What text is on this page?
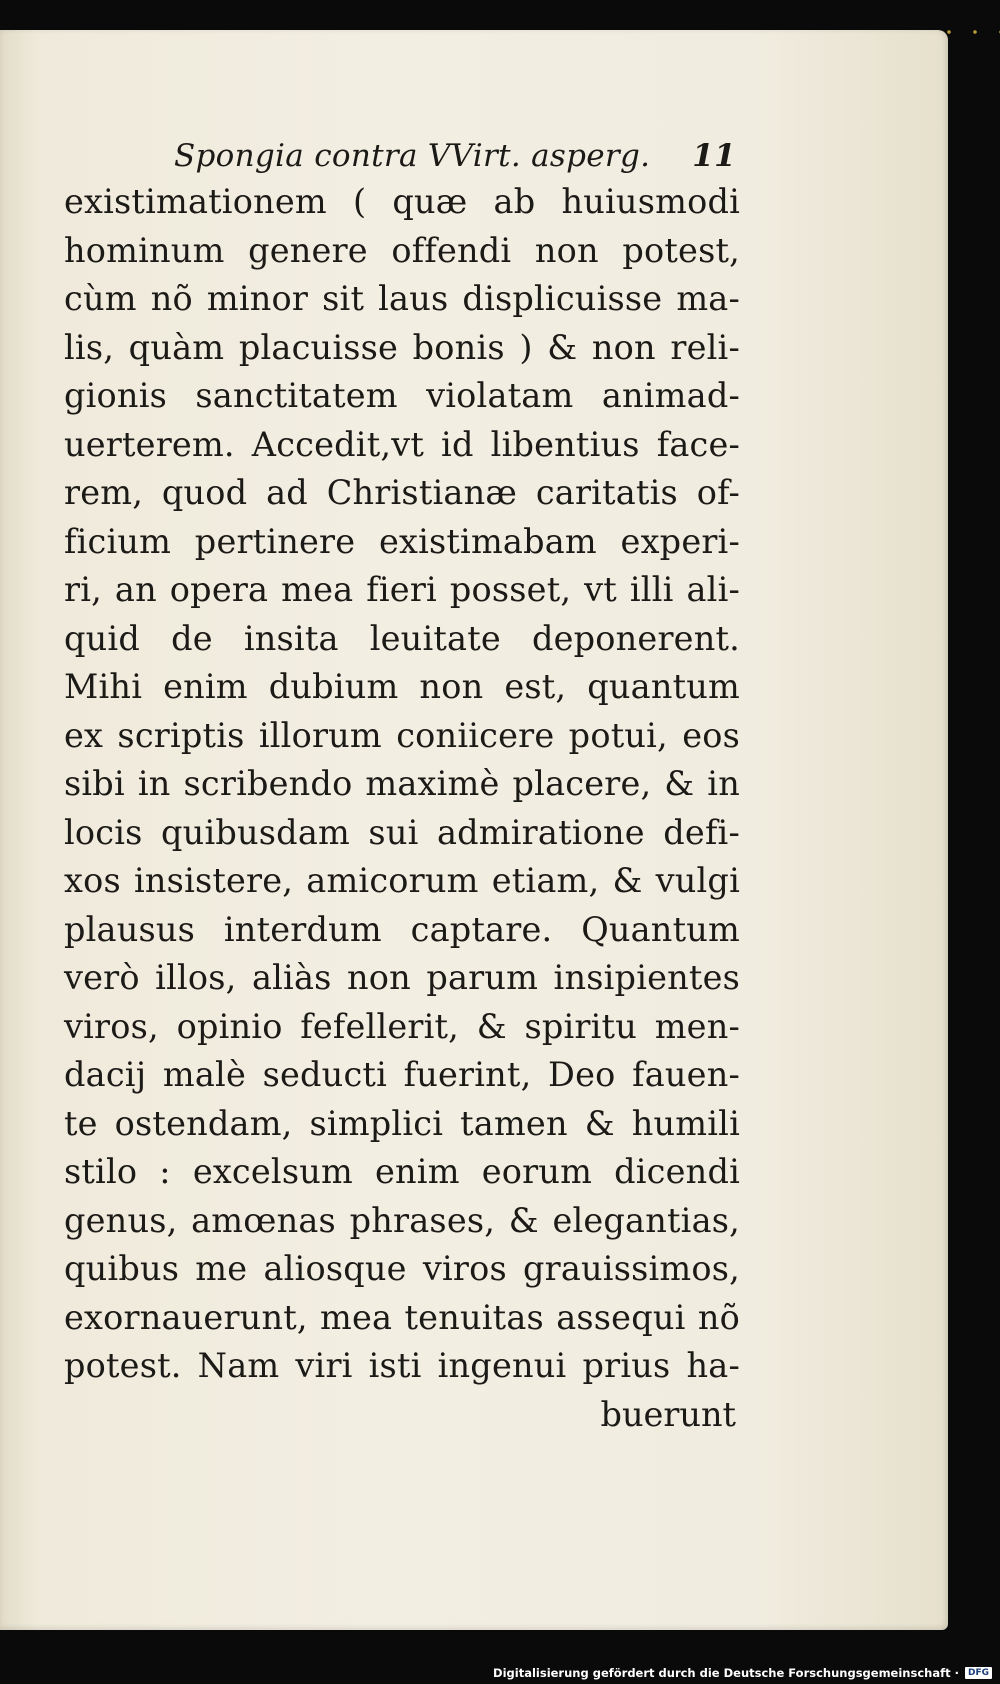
Spongia contra VVirt. asperg. 11
existimationem ( quæ ab huiusmodi
hominum genere offendi non potest,
cùm nõ minor sit laus displicuisse ma-
lis, quàm placuisse bonis ) & non reli-
gionis sanctitatem violatam animad-
uerterem. Accedit,vt id libentius face-
rem, quod ad Christianæ caritatis of-
ficium pertinere existimabam experi-
ri, an opera mea fieri posset, vt illi ali-
quid de insita leuitate deponerent.
Mihi enim dubium non est, quantum
ex scriptis illorum coniicere potui, eos
sibi in scribendo maximè placere, & in
locis quibusdam sui admiratione defi-
xos insistere, amicorum etiam, & vulgi
plausus interdum captare. Quantum
verò illos, aliàs non parum insipientes
viros, opinio fefellerit, & spiritu men-
dacij malè seducti fuerint, Deo fauen-
te ostendam, simplici tamen & humili
stilo : excelsum enim eorum dicendi
genus, amœnas phrases, & elegantias,
quibus me aliosque viros grauissimos,
exornauerunt, mea tenuitas assequi nõ
potest. Nam viri isti ingenui prius ha-
buerunt
Digitalisierung gefördert durch die Deutsche Forschungsgemeinschaft ·	DFG
